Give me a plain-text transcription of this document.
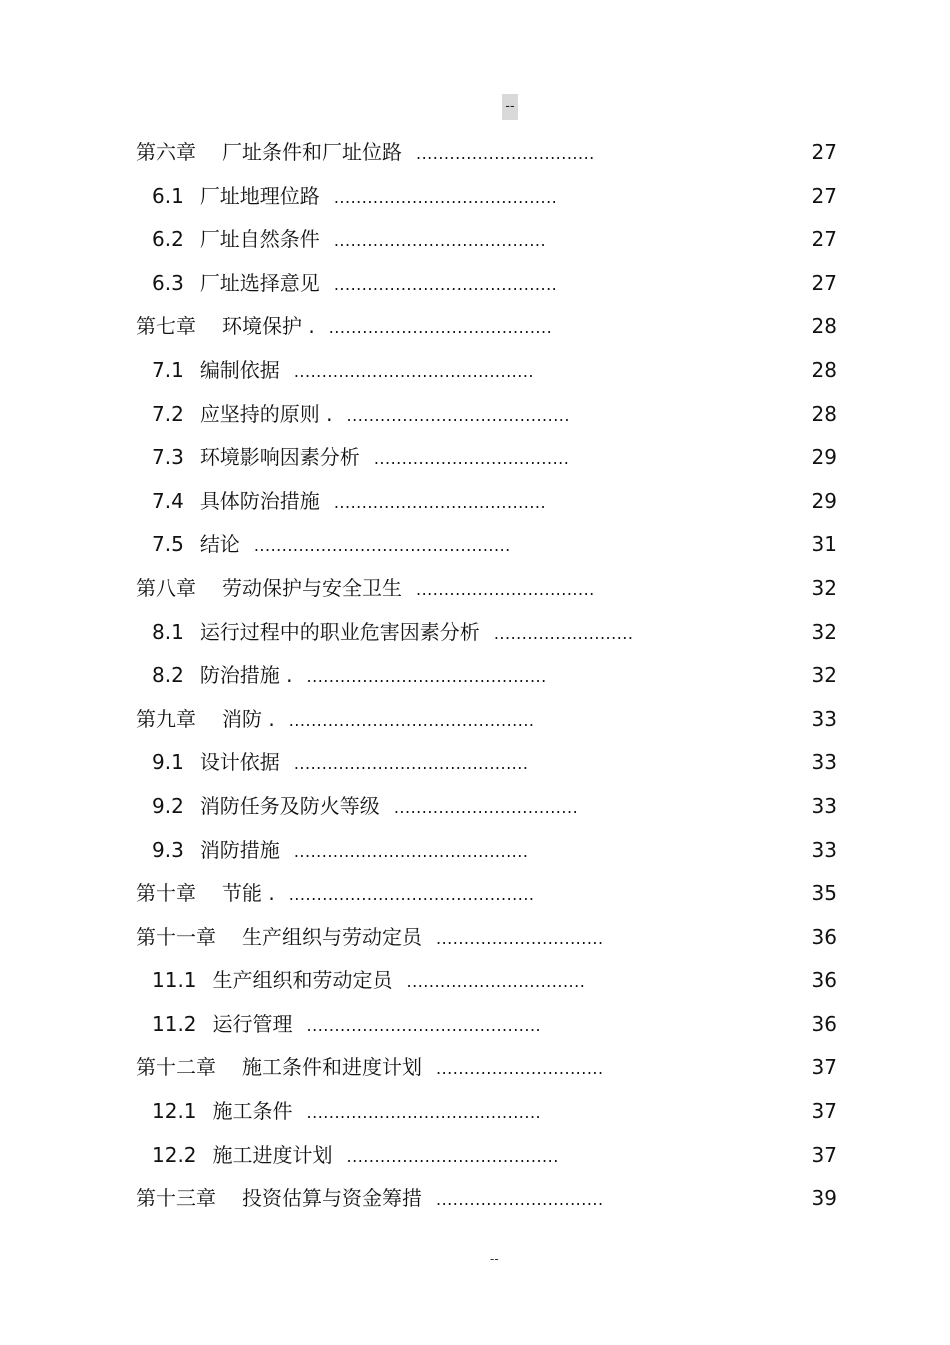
--
第六章 厂址条件和厂址位路 ................................	27
6.1 厂址地理位路 ........................................	27
6.2 厂址自然条件 ......................................	27
6.3 厂址选择意见 ........................................	27
第七章 环境保护 . ........................................	28
7.1 编制依据 ...........................................	28
7.2 应坚持的原则 . ........................................	28
7.3 环境影响因素分析 ...................................	29
7.4 具体防治措施 ......................................	29
7.5 结论 ..............................................	31
第八章 劳动保护与安全卫生 ................................	32
8.1 运行过程中的职业危害因素分析 .........................	32
8.2 防治措施 . ...........................................	32
第九章 消防 . ............................................	33
9.1 设计依据 ..........................................	33
9.2 消防任务及防火等级 .................................	33
9.3 消防措施 ..........................................	33
第十章 节能 . ............................................	35
第十一章 生产组织与劳动定员 ..............................	36
11.1 生产组织和劳动定员 ................................	36
11.2 运行管理 ..........................................	36
第十二章 施工条件和进度计划 ..............................	37
12.1 施工条件 ..........................................	37
12.2 施工进度计划 ......................................	37
第十三章 投资估算与资金筹措 ..............................	39
--
